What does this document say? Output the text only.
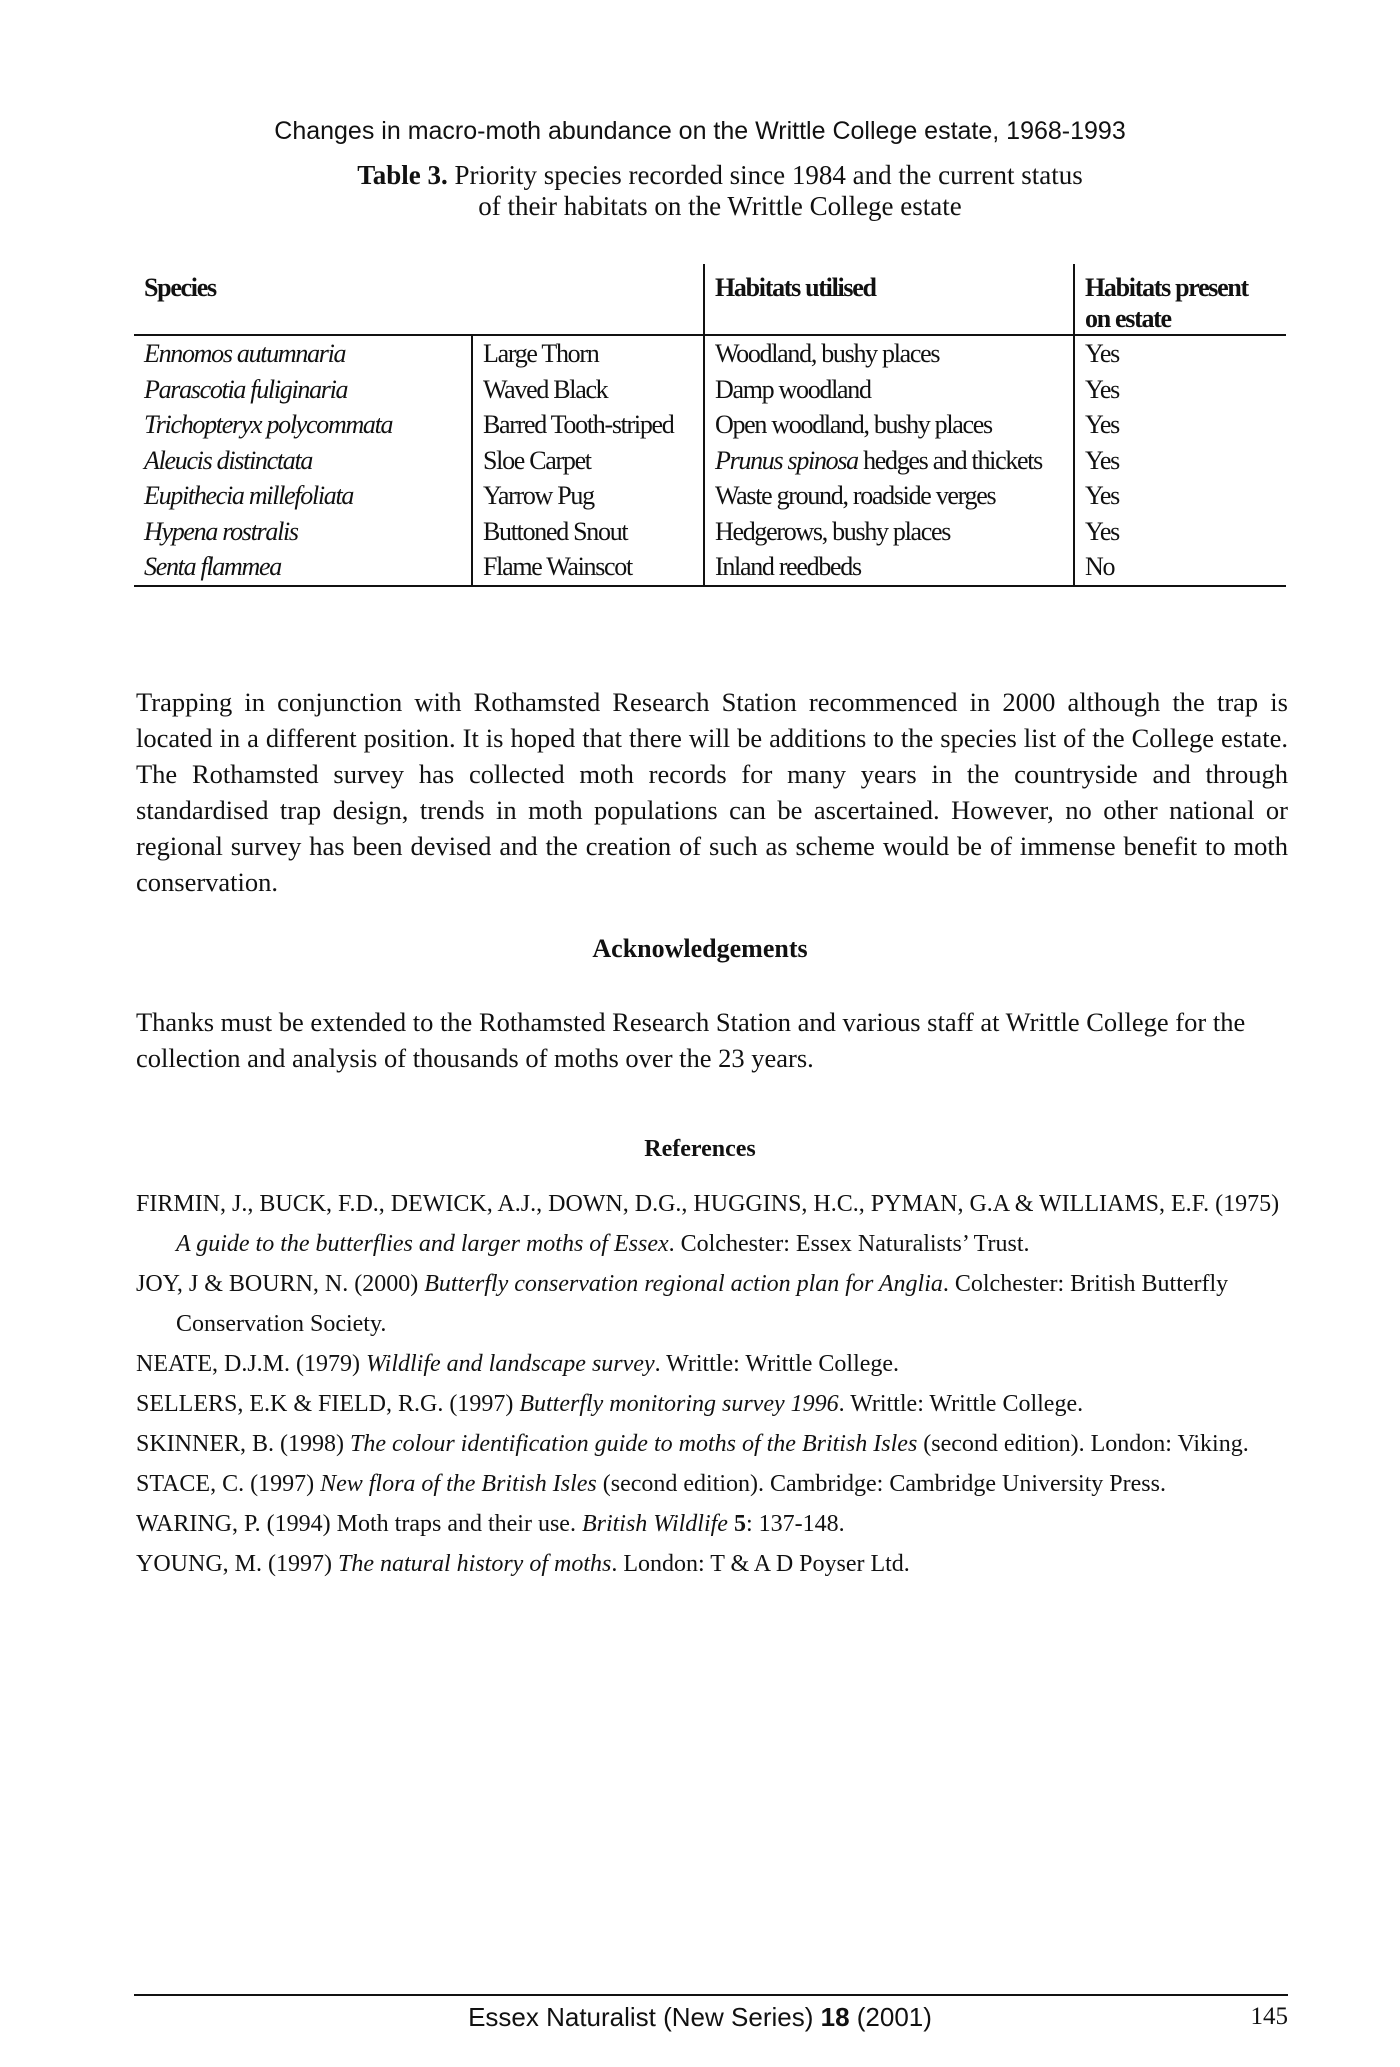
Changes in macro-moth abundance on the Writtle College estate, 1968-1993
Table 3. Priority species recorded since 1984 and the current status
of their habitats on the Writtle College estate
Species		Habitats utilised	Habitats present
on estate

Ennomos autumnaria	Large Thorn	Woodland, bushy places	Yes
Parascotia fuliginaria	Waved Black	Damp woodland	Yes
Trichopteryx polycommata	Barred Tooth-striped	Open woodland, bushy places	Yes
Aleucis distinctata	Sloe Carpet	Prunus spinosa hedges and thickets	Yes
Eupithecia millefoliata	Yarrow Pug	Waste ground, roadside verges	Yes
Hypena rostralis	Buttoned Snout	Hedgerows, bushy places	Yes
Senta flammea	Flame Wainscot	Inland reedbeds	No

Trapping in conjunction with Rothamsted Research Station recommenced in 2000 although the trap is located in a different position. It is hoped that there will be additions to the species list of the College estate. The Rothamsted survey has collected moth records for many years in the countryside and through standardised trap design, trends in moth populations can be ascertained. However, no other national or regional survey has been devised and the creation of such as scheme would be of immense benefit to moth conservation.

Acknowledgements

Thanks must be extended to the Rothamsted Research Station and various staff at Writtle College for the collection and analysis of thousands of moths over the 23 years.

References
FIRMIN, J., BUCK, F.D., DEWICK, A.J., DOWN, D.G., HUGGINS, H.C., PYMAN, G.A & WILLIAMS, E.F. (1975) A guide to the butterflies and larger moths of Essex. Colchester: Essex Naturalists’ Trust.
JOY, J & BOURN, N. (2000) Butterfly conservation regional action plan for Anglia. Colchester: British Butterfly Conservation Society.
NEATE, D.J.M. (1979) Wildlife and landscape survey. Writtle: Writtle College.
SELLERS, E.K & FIELD, R.G. (1997) Butterfly monitoring survey 1996. Writtle: Writtle College.
SKINNER, B. (1998) The colour identification guide to moths of the British Isles (second edition). London: Viking.
STACE, C. (1997) New flora of the British Isles (second edition). Cambridge: Cambridge University Press.
WARING, P. (1994) Moth traps and their use. British Wildlife 5: 137-148.
YOUNG, M. (1997) The natural history of moths. London: T & A D Poyser Ltd.
Essex Naturalist (New Series) 18 (2001)	145
